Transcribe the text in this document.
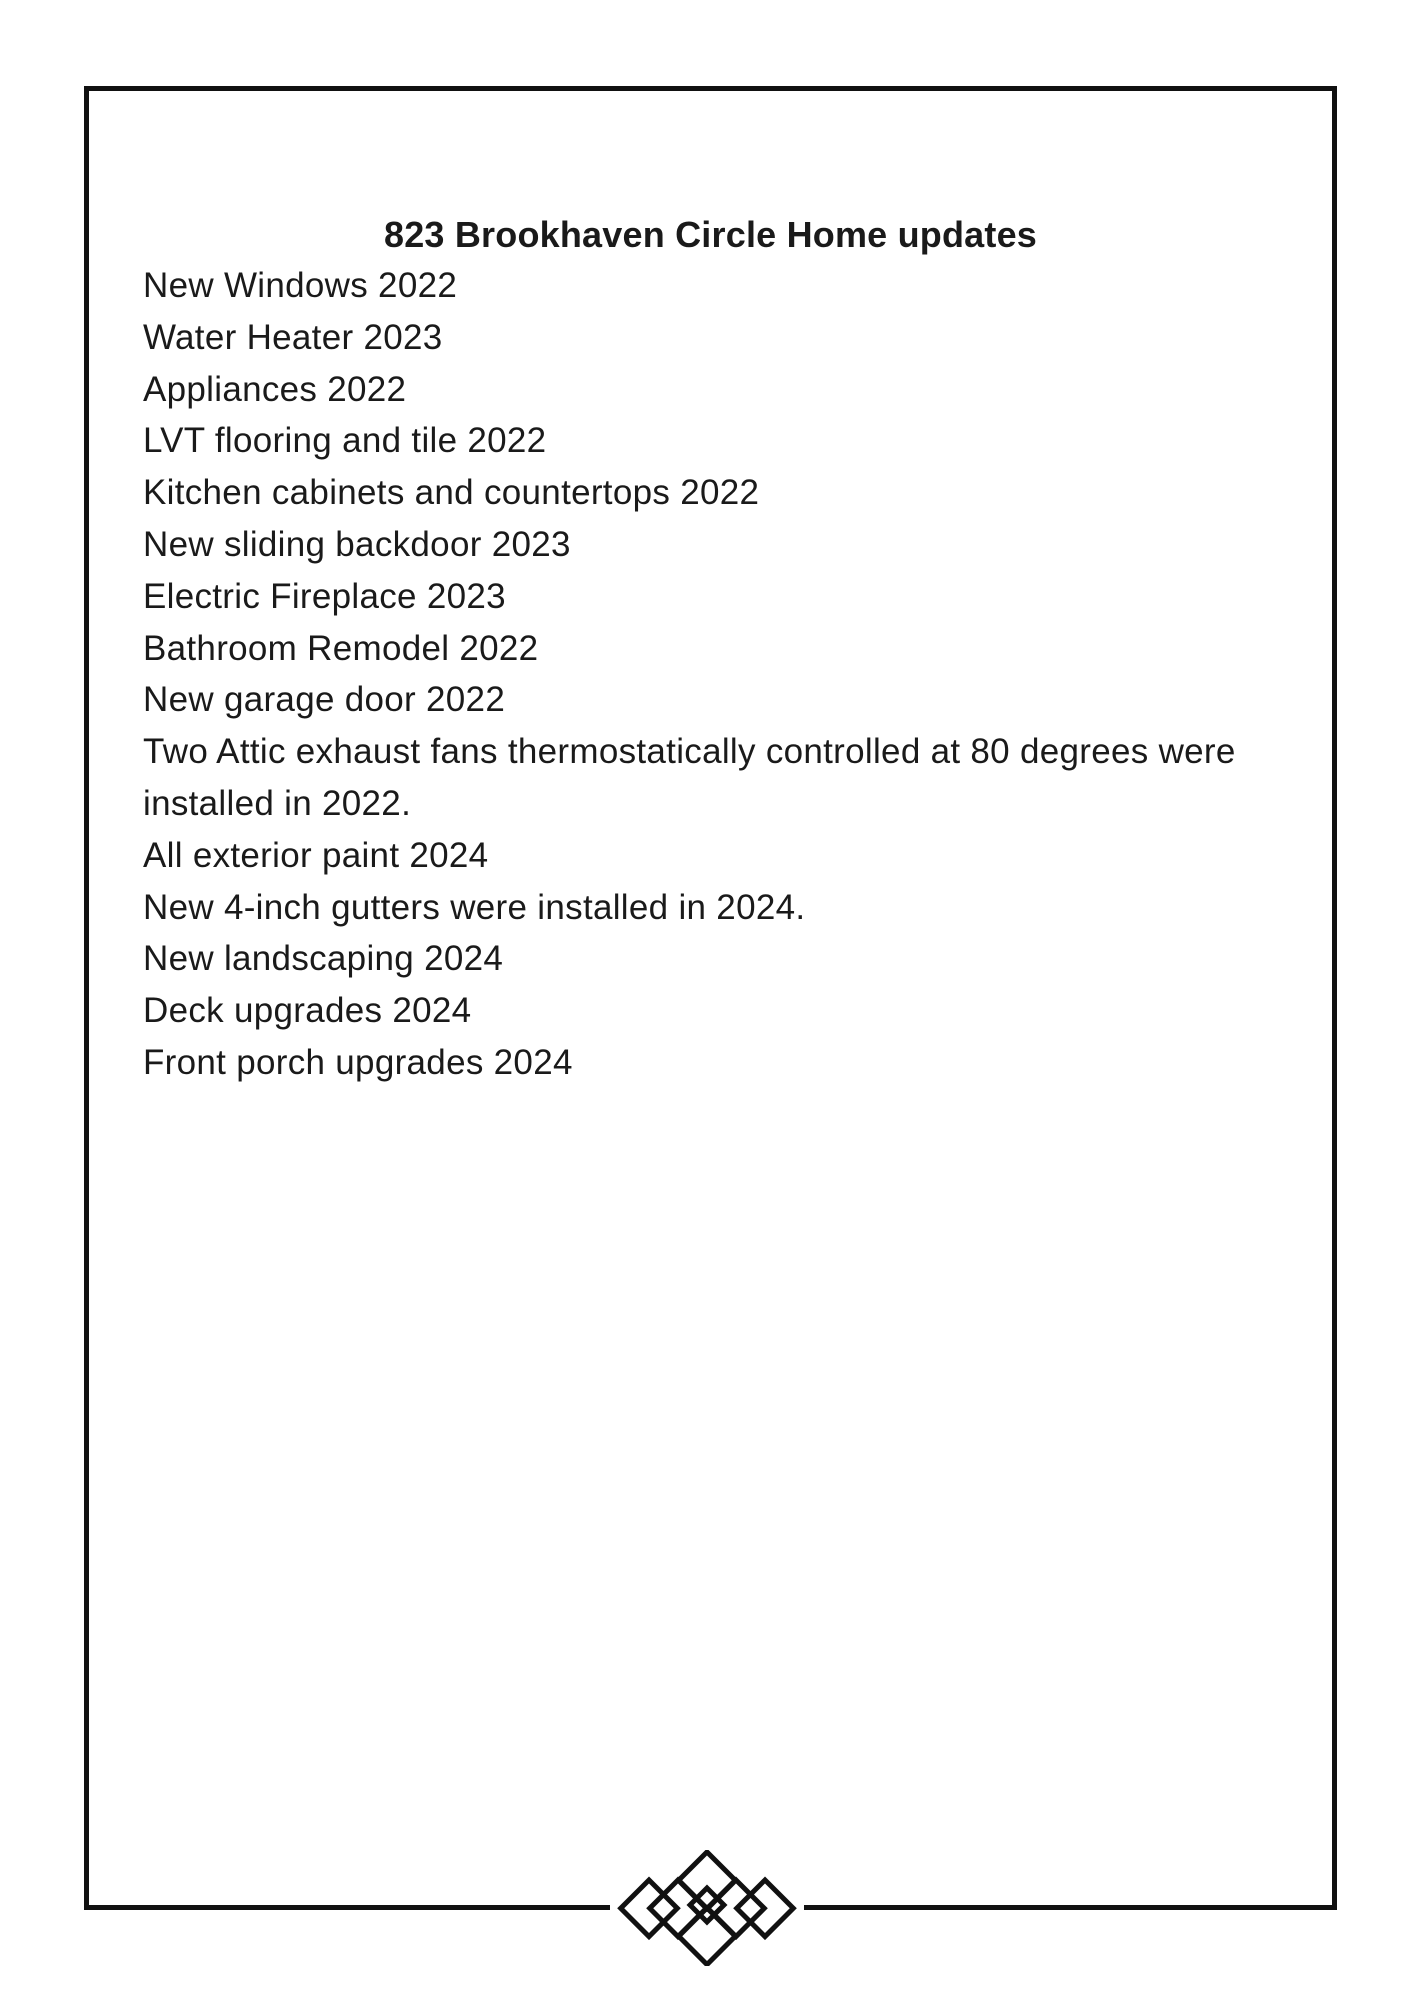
823 Brookhaven Circle Home updates
New Windows 2022
Water Heater 2023
Appliances 2022
LVT flooring and tile 2022
Kitchen cabinets and countertops 2022
New sliding backdoor 2023
Electric Fireplace 2023
Bathroom Remodel 2022
New garage door 2022
Two Attic exhaust fans thermostatically controlled at 80 degrees were installed in 2022.
All exterior paint 2024
New 4-inch gutters were installed in 2024.
New landscaping 2024
Deck upgrades 2024
Front porch upgrades 2024
